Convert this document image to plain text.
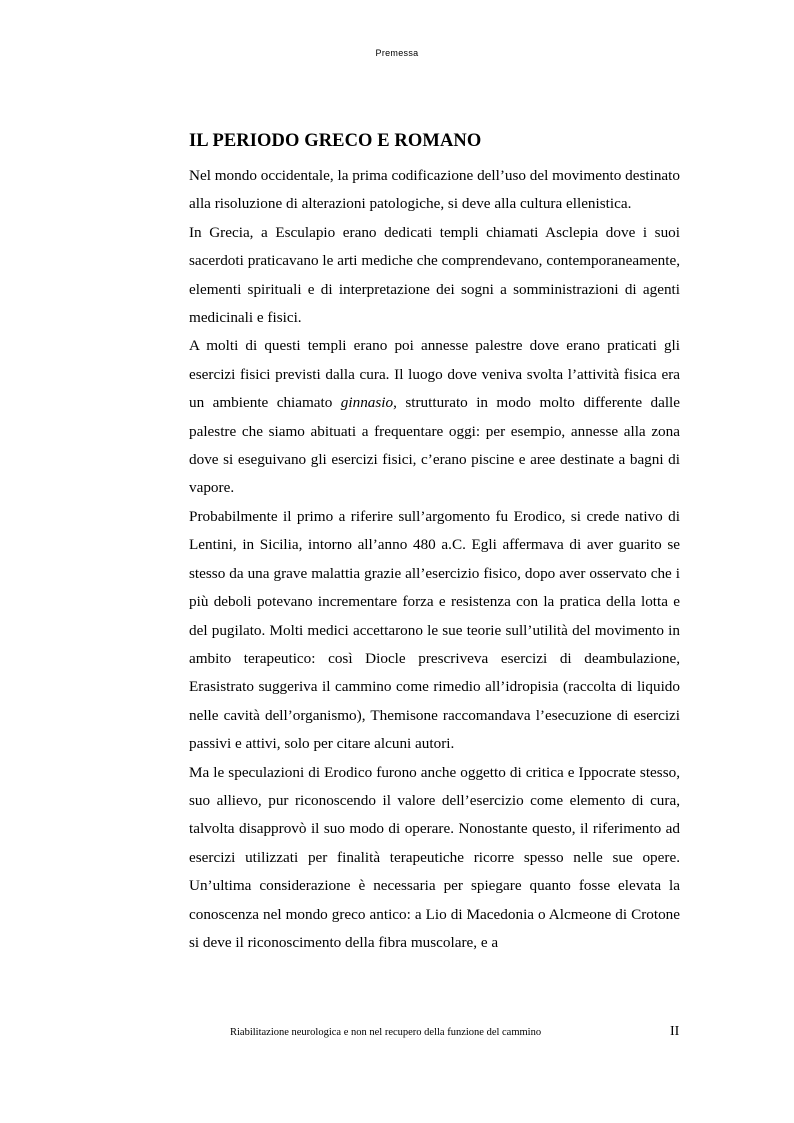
Premessa
IL PERIODO GRECO E ROMANO

Nel mondo occidentale, la prima codificazione dell’uso del movimento destinato alla risoluzione di alterazioni patologiche, si deve alla cultura ellenistica.

In Grecia, a Esculapio erano dedicati templi chiamati Asclepia dove i suoi sacerdoti praticavano le arti mediche che comprendevano, contemporaneamente, elementi spirituali e di interpretazione dei sogni a somministrazioni di agenti medicinali e fisici.

A molti di questi templi erano poi annesse palestre dove erano praticati gli esercizi fisici previsti dalla cura. Il luogo dove veniva svolta l’attività fisica era un ambiente chiamato ginnasio, strutturato in modo molto differente dalle palestre che siamo abituati a frequentare oggi: per esempio, annesse alla zona dove si eseguivano gli esercizi fisici, c’erano piscine e aree destinate a bagni di vapore.

Probabilmente il primo a riferire sull’argomento fu Erodico, si crede nativo di Lentini, in Sicilia, intorno all’anno 480 a.C. Egli affermava di aver guarito se stesso da una grave malattia grazie all’esercizio fisico, dopo aver osservato che i più deboli potevano incrementare forza e resistenza con la pratica della lotta e del pugilato. Molti medici accettarono le sue teorie sull’utilità del movimento in ambito terapeutico: così Diocle prescriveva esercizi di deambulazione, Erasistrato suggeriva il cammino come rimedio all’idropisia (raccolta di liquido nelle cavità dell’organismo), Themisone raccomandava l’esecuzione di esercizi passivi e attivi, solo per citare alcuni autori.

Ma le speculazioni di Erodico furono anche oggetto di critica e Ippocrate stesso, suo allievo, pur riconoscendo il valore dell’esercizio come elemento di cura, talvolta disapprovò il suo modo di operare. Nonostante questo, il riferimento ad esercizi utilizzati per finalità terapeutiche ricorre spesso nelle sue opere. Un’ultima considerazione è necessaria per spiegare quanto fosse elevata la conoscenza nel mondo greco antico: a Lio di Macedonia o Alcmeone di Crotone si deve il riconoscimento della fibra muscolare, e a

Riabilitazione neurologica e non nel recupero della funzione del cammino	II
